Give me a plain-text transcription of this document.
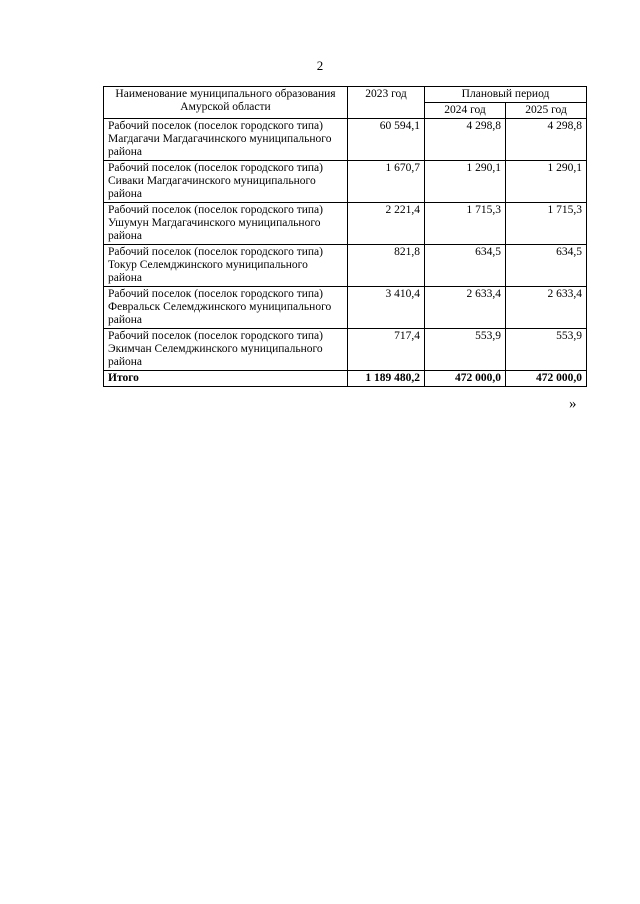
2
Наименование муниципального образования Амурской области	2023 год	Плановый период	
		2024 год	2025 год
Рабочий поселок (поселок городского типа) Магдагачи Магдагачинского муниципального района	60 594,1	4 298,8	4 298,8
Рабочий поселок (поселок городского типа) Сиваки Магдагачинского муниципального района	1 670,7	1 290,1	1 290,1
Рабочий поселок (поселок городского типа) Ушумун Магдагачинского муниципального района	2 221,4	1 715,3	1 715,3
Рабочий поселок (поселок городского типа) Токур Селемджинского муниципального района	821,8	634,5	634,5
Рабочий поселок (поселок городского типа) Февральск Селемджинского муниципального района	3 410,4	2 633,4	2 633,4
Рабочий поселок (поселок городского типа) Экимчан Селемджинского муниципального района	717,4	553,9	553,9
Итого	1 189 480,2	472 000,0	472 000,0
»
